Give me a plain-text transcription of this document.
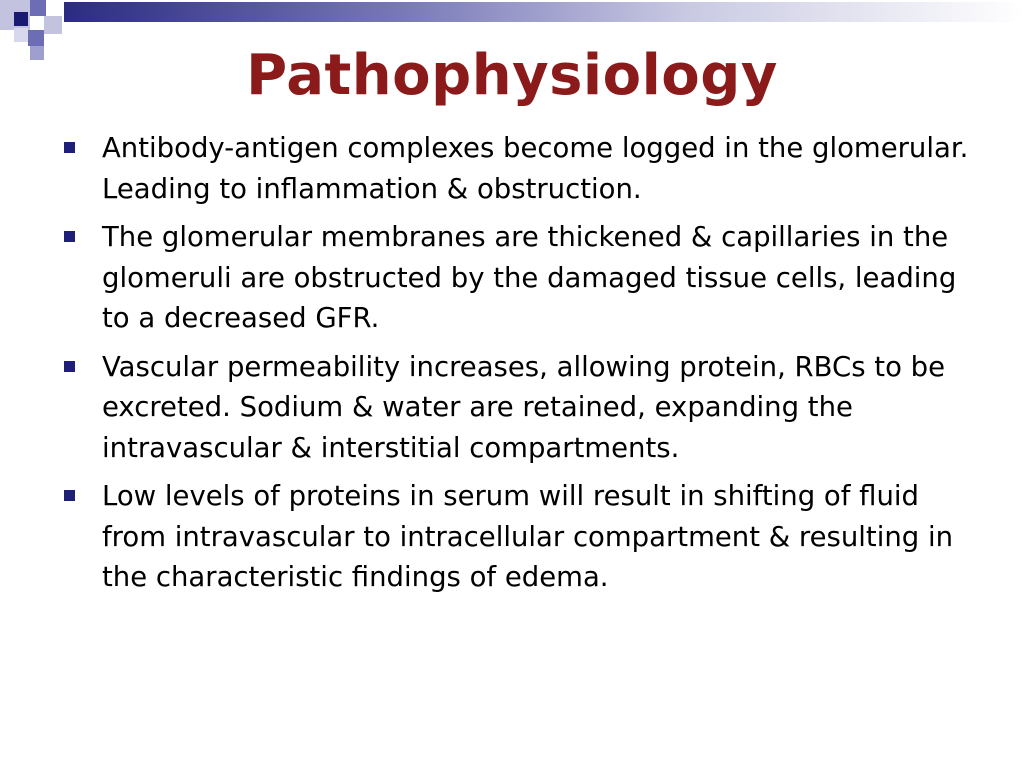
Pathophysiology
Antibody-antigen complexes become logged in the glomerular. Leading to inflammation & obstruction.
The glomerular membranes are thickened & capillaries in the glomeruli are obstructed by the damaged tissue cells, leading to a decreased GFR.
Vascular permeability increases, allowing protein, RBCs to be excreted. Sodium & water are retained, expanding the intravascular & interstitial compartments.
Low levels of proteins in serum will result in shifting of fluid from intravascular to intracellular compartment & resulting in the characteristic findings of edema.
